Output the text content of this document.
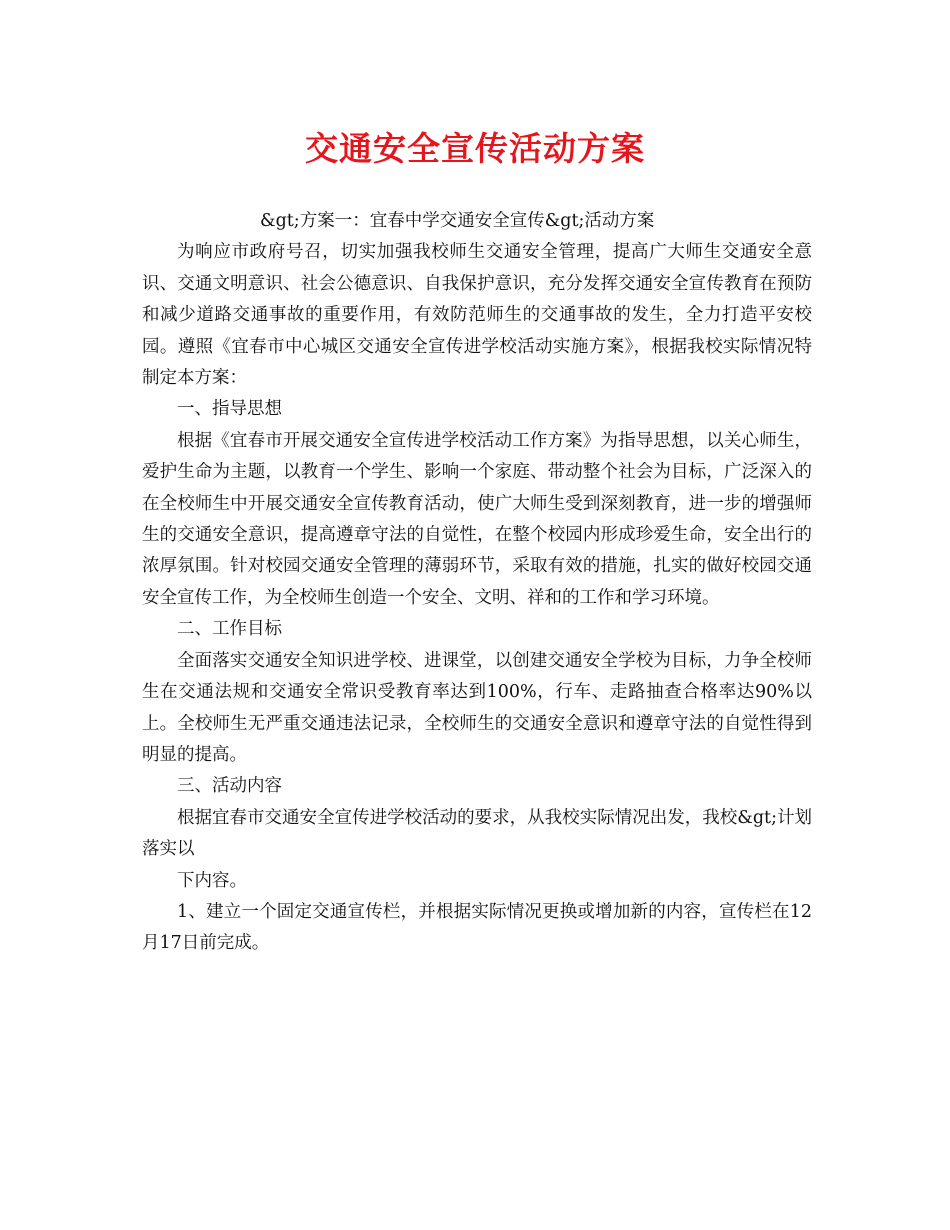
交通安全宣传活动方案

&gt;方案一：宜春中学交通安全宣传&gt;活动方案

为响应市政府号召，切实加强我校师生交通安全管理，提高广大师生交通安全意识、交通文明意识、社会公德意识、自我保护意识，充分发挥交通安全宣传教育在预防和减少道路交通事故的重要作用，有效防范师生的交通事故的发生，全力打造平安校园。遵照《宜春市中心城区交通安全宣传进学校活动实施方案》，根据我校实际情况特制定本方案：

一、指导思想

根据《宜春市开展交通安全宣传进学校活动工作方案》为指导思想，以关心师生，爱护生命为主题，以教育一个学生、影响一个家庭、带动整个社会为目标，广泛深入的在全校师生中开展交通安全宣传教育活动，使广大师生受到深刻教育，进一步的增强师生的交通安全意识，提高遵章守法的自觉性，在整个校园内形成珍爱生命，安全出行的浓厚氛围。针对校园交通安全管理的薄弱环节，采取有效的措施，扎实的做好校园交通安全宣传工作，为全校师生创造一个安全、文明、祥和的工作和学习环境。

二、工作目标

全面落实交通安全知识进学校、进课堂，以创建交通安全学校为目标，力争全校师生在交通法规和交通安全常识受教育率达到100%，行车、走路抽查合格率达90%以上。全校师生无严重交通违法记录，全校师生的交通安全意识和遵章守法的自觉性得到明显的提高。

三、活动内容

根据宜春市交通安全宣传进学校活动的要求，从我校实际情况出发，我校&gt;计划落实以

下内容。

1、建立一个固定交通宣传栏，并根据实际情况更换或增加新的内容，宣传栏在12月17日前完成。
